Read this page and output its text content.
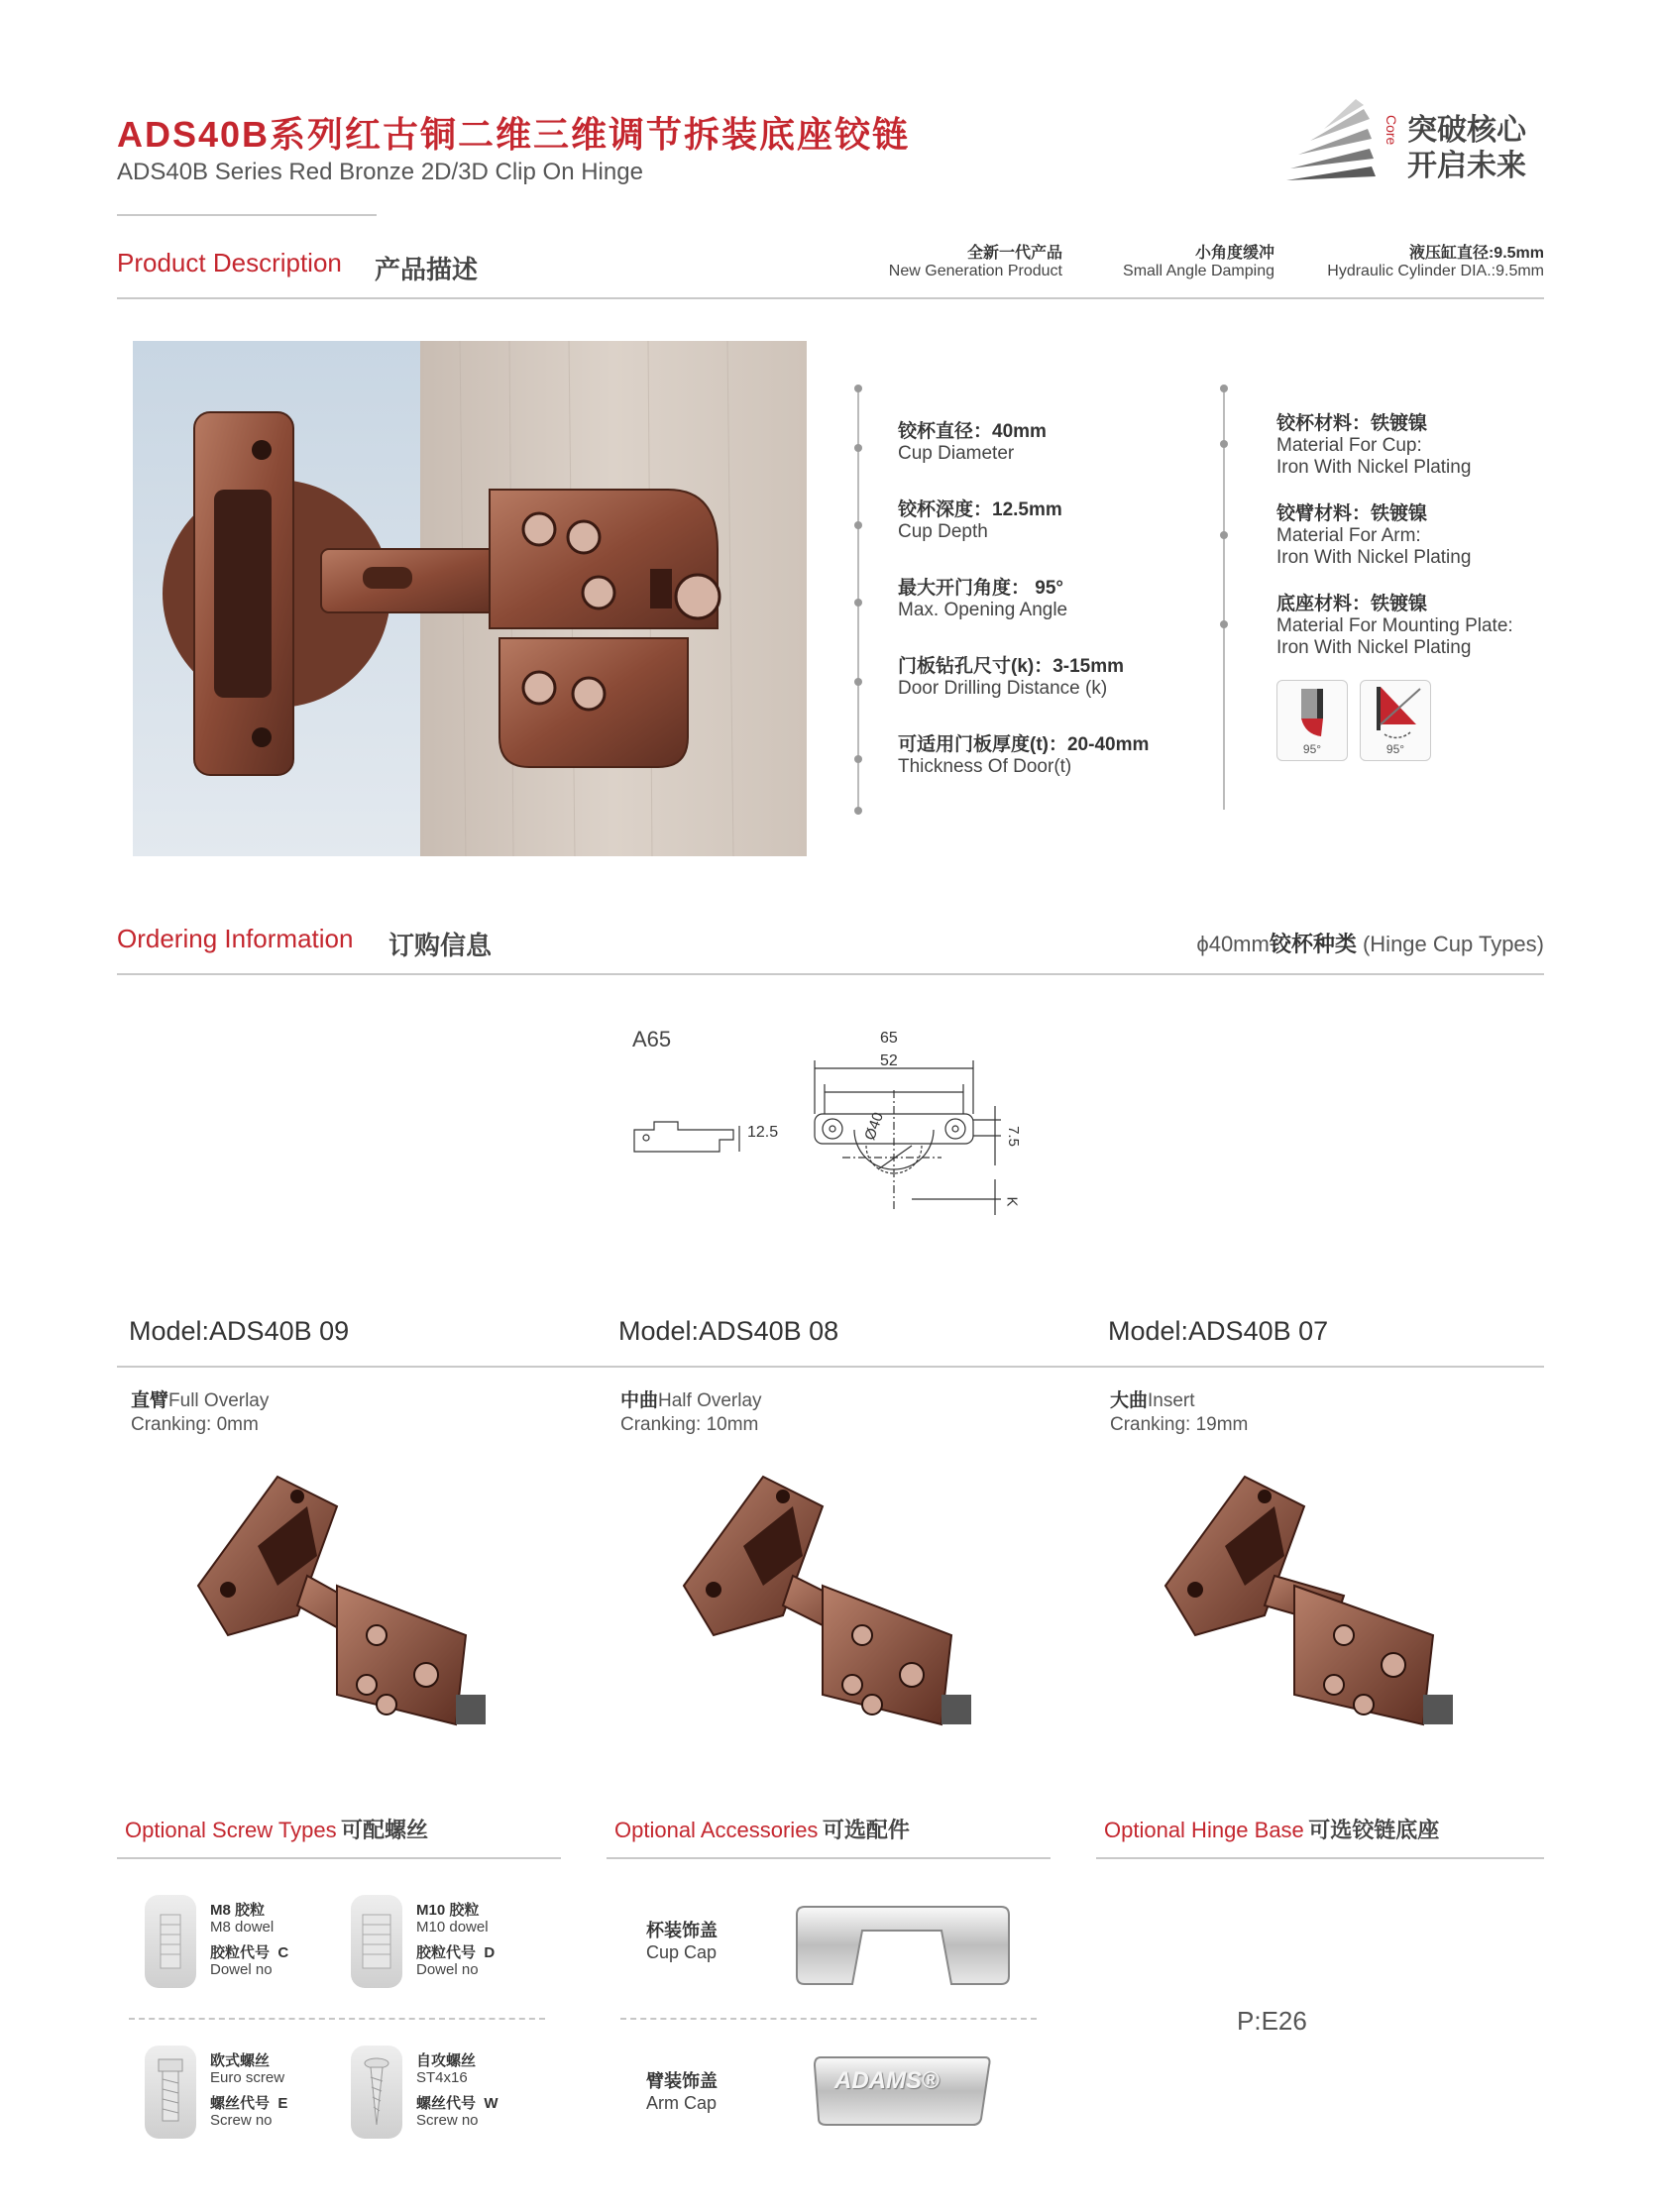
ADS40B系列红古铜二维三维调节拆装底座铰链
ADS40B Series Red Bronze 2D/3D Clip On Hinge
Core 突破核心
开启未来
Product Description 产品描述
全新一代产品
New Generation Product
小角度缓冲
Small Angle Damping
液压缸直径:9.5mm
Hydraulic Cylinder DIA.:9.5mm
铰杯直径：40mm
Cup Diameter
铰杯深度：12.5mm
Cup Depth
最大开门角度： 95°
Max. Opening Angle
门板钻孔尺寸(k)：3-15mm
Door Drilling Distance (k)
可适用门板厚度(t)：20-40mm
Thickness Of Door(t)
铰杯材料：铁镀镍
Material For Cup:
Iron With Nickel Plating
铰臂材料：铁镀镍
Material For Arm:
Iron With Nickel Plating
底座材料：铁镀镍
Material For Mounting Plate:
Iron With Nickel Plating
95°	95°
Ordering Information 订购信息	ϕ40mm铰杯种类 (Hinge Cup Types)
A65	65
52
12.5	Ø40	7.5
K
Model:ADS40B 09	Model:ADS40B 08	Model:ADS40B 07
直臂Full Overlay
Cranking: 0mm
中曲Half Overlay
Cranking: 10mm
大曲Insert
Cranking: 19mm
Optional Screw Types 可配螺丝	Optional Accessories 可选配件	Optional Hinge Base 可选铰链底座
M8 胶粒
M8 dowel
胶粒代号 C
Dowel no
M10 胶粒
M10 dowel
胶粒代号 D
Dowel no
欧式螺丝
Euro screw
螺丝代号 E
Screw no
自攻螺丝
ST4x16
螺丝代号 W
Screw no
杯装饰盖
Cup Cap
臂装饰盖
Arm Cap
ADAMS®
P:E26
